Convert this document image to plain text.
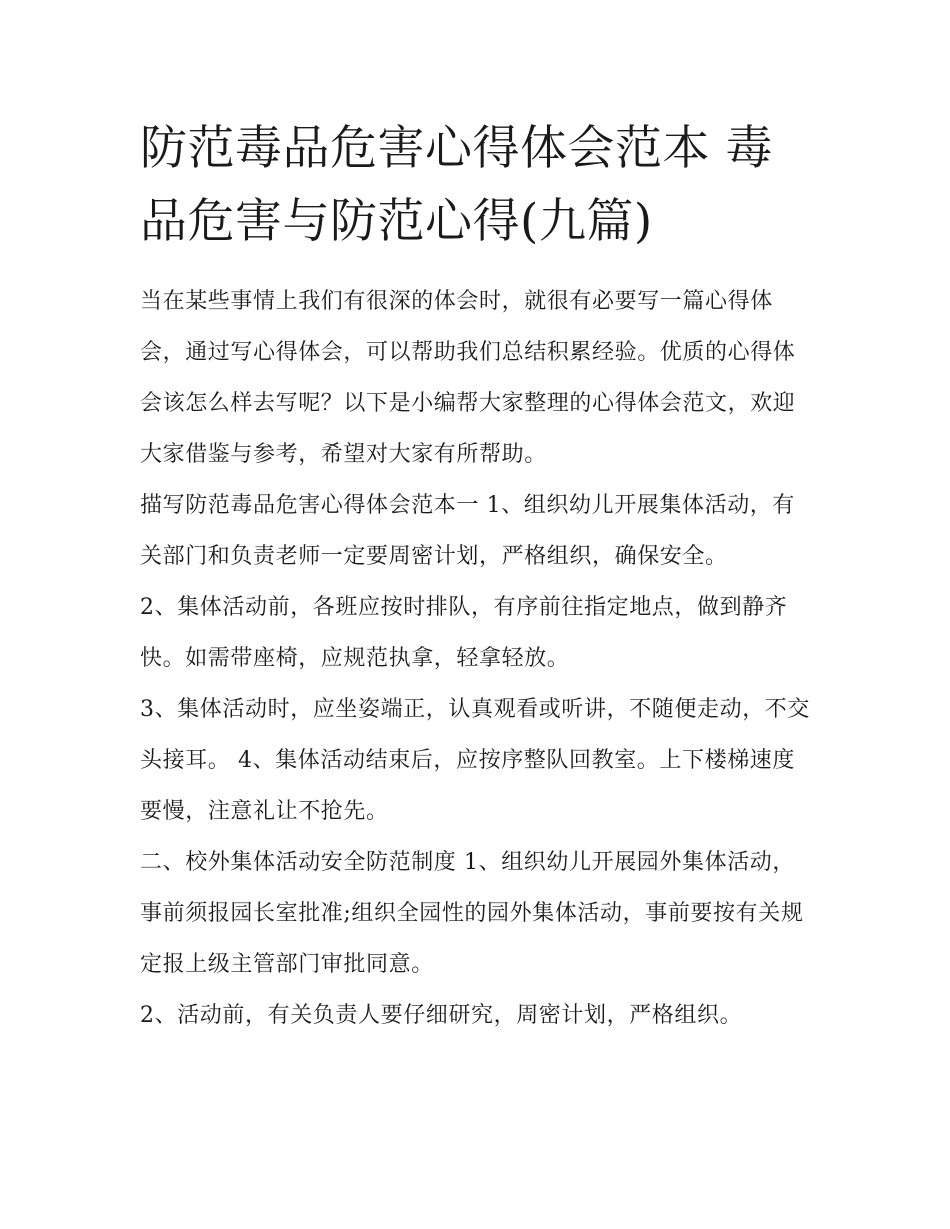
防范毒品危害心得体会范本 毒品危害与防范心得(九篇)

当在某些事情上我们有很深的体会时，就很有必要写一篇心得体会，通过写心得体会，可以帮助我们总结积累经验。优质的心得体会该怎么样去写呢？以下是小编帮大家整理的心得体会范文，欢迎大家借鉴与参考，希望对大家有所帮助。

描写防范毒品危害心得体会范本一 1、组织幼儿开展集体活动，有关部门和负责老师一定要周密计划，严格组织，确保安全。

2、集体活动前，各班应按时排队，有序前往指定地点，做到静齐快。如需带座椅，应规范执拿，轻拿轻放。

3、集体活动时，应坐姿端正，认真观看或听讲，不随便走动，不交头接耳。 4、集体活动结束后，应按序整队回教室。上下楼梯速度要慢，注意礼让不抢先。

二、校外集体活动安全防范制度 1、组织幼儿开展园外集体活动，事前须报园长室批准;组织全园性的园外集体活动，事前要按有关规定报上级主管部门审批同意。

2、活动前，有关负责人要仔细研究，周密计划，严格组织。
